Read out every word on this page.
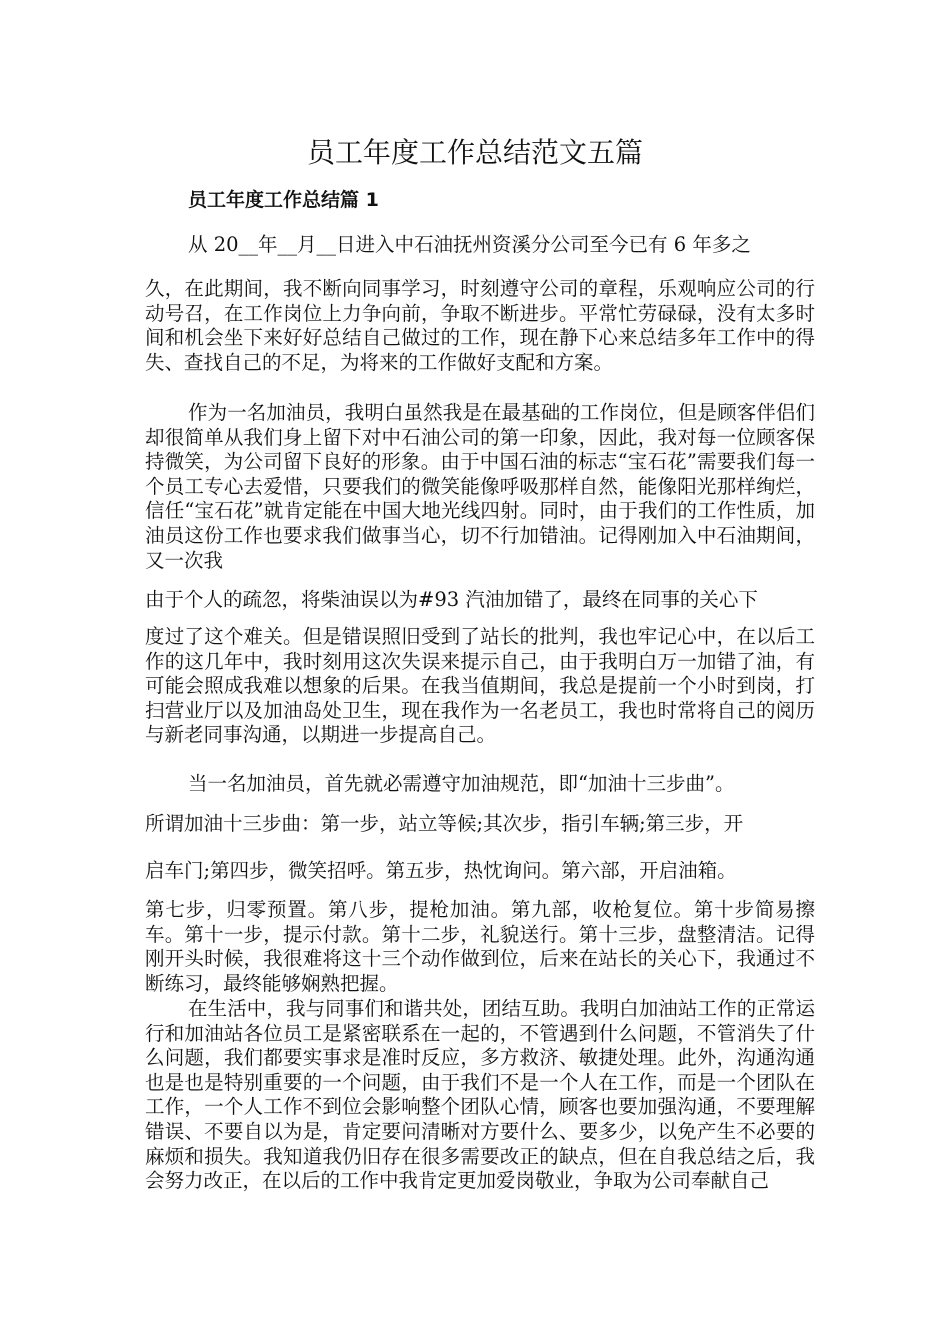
员工年度工作总结范文五篇
员工年度工作总结篇 1

从 20__年__月__日进入中石油抚州资溪分公司至今已有 6 年多之

久，在此期间，我不断向同事学习，时刻遵守公司的章程，乐观响应公司的行动号召，在工作岗位上力争向前，争取不断进步。平常忙劳碌碌，没有太多时间和机会坐下来好好总结自己做过的工作，现在静下心来总结多年工作中的得失、查找自己的不足，为将来的工作做好支配和方案。

作为一名加油员，我明白虽然我是在最基础的工作岗位，但是顾客伴侣们却很简单从我们身上留下对中石油公司的第一印象，因此，我对每一位顾客保持微笑，为公司留下良好的形象。由于中国石油的标志“宝石花”需要我们每一个员工专心去爱惜，只要我们的微笑能像呼吸那样自然，能像阳光那样绚烂，信任“宝石花”就肯定能在中国大地光线四射。同时，由于我们的工作性质，加油员这份工作也要求我们做事当心，切不行加错油。记得刚加入中石油期间，又一次我

由于个人的疏忽，将柴油误以为#93 汽油加错了，最终在同事的关心下

度过了这个难关。但是错误照旧受到了站长的批判，我也牢记心中，在以后工作的这几年中，我时刻用这次失误来提示自己，由于我明白万一加错了油，有可能会照成我难以想象的后果。在我当值期间，我总是提前一个小时到岗，打扫营业厅以及加油岛处卫生，现在我作为一名老员工，我也时常将自己的阅历与新老同事沟通，以期进一步提高自己。

当一名加油员，首先就必需遵守加油规范，即“加油十三步曲”。

所谓加油十三步曲：第一步，站立等候;其次步，指引车辆;第三步，开

启车门;第四步，微笑招呼。第五步，热忱询问。第六部，开启油箱。

第七步，归零预置。第八步，提枪加油。第九部，收枪复位。第十步简易擦车。第十一步，提示付款。第十二步，礼貌送行。第十三步，盘整清洁。记得刚开头时候，我很难将这十三个动作做到位，后来在站长的关心下，我通过不断练习，最终能够娴熟把握。

在生活中，我与同事们和谐共处，团结互助。我明白加油站工作的正常运行和加油站各位员工是紧密联系在一起的，不管遇到什么问题，不管消失了什么问题，我们都要实事求是准时反应，多方救济、敏捷处理。此外，沟通沟通也是也是特别重要的一个问题，由于我们不是一个人在工作，而是一个团队在工作，一个人工作不到位会影响整个团队心情，顾客也要加强沟通，不要理解错误、不要自以为是，肯定要问清晰对方要什么、要多少，以免产生不必要的麻烦和损失。我知道我仍旧存在很多需要改正的缺点，但在自我总结之后，我会努力改正，在以后的工作中我肯定更加爱岗敬业，争取为公司奉献自己
